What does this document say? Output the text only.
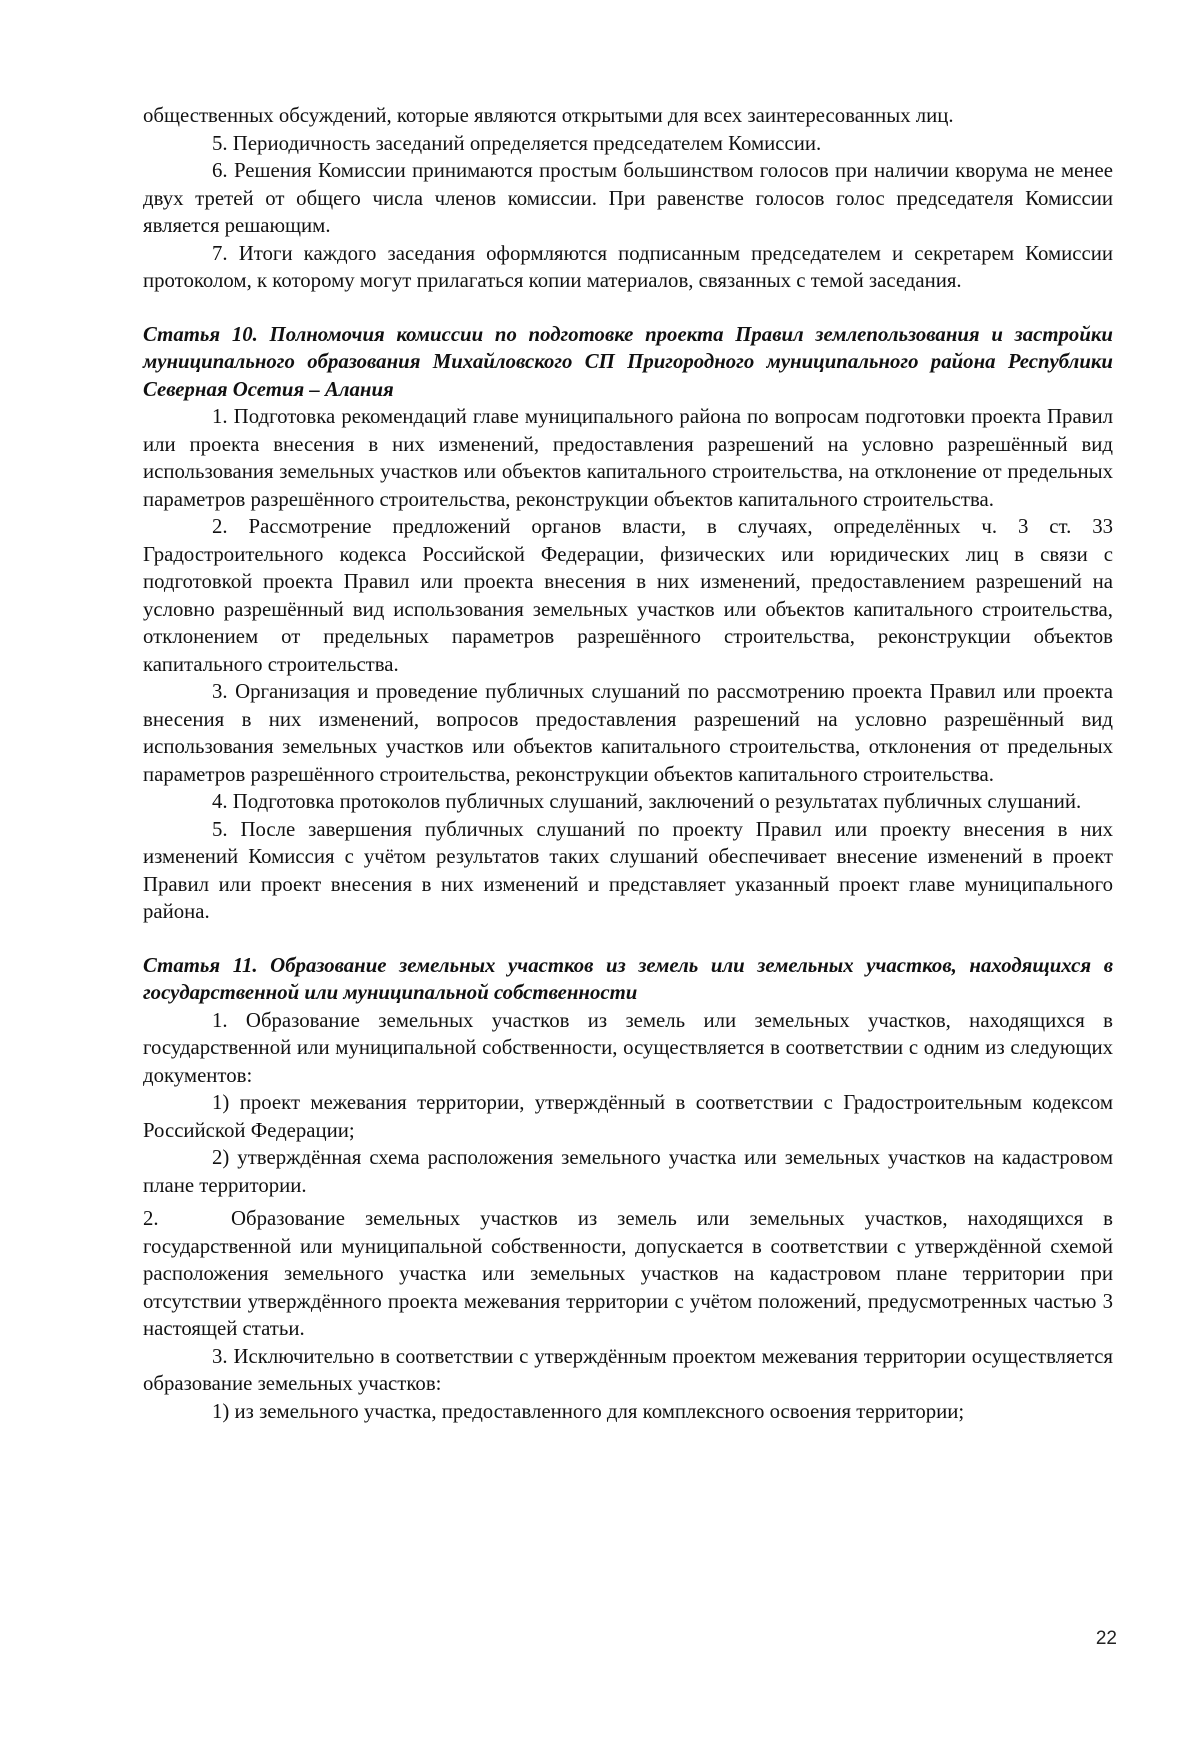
общественных обсуждений, которые являются открытыми для всех заинтересованных лиц.

5. Периодичность заседаний определяется председателем Комиссии.

6. Решения Комиссии принимаются простым большинством голосов при наличии кворума не менее двух третей от общего числа членов комиссии. При равенстве голосов голос председателя Комиссии является решающим.

7. Итоги каждого заседания оформляются подписанным председателем и секретарем Комиссии протоколом, к которому могут прилагаться копии материалов, связанных с темой заседания.

Статья 10. Полномочия комиссии по подготовке проекта Правил землепользования и застройки муниципального образования Михайловского СП Пригородного муниципального района Республики Северная Осетия – Алания

1. Подготовка рекомендаций главе муниципального района по вопросам подготовки проекта Правил или проекта внесения в них изменений, предоставления разрешений на условно разрешённый вид использования земельных участков или объектов капитального строительства, на отклонение от предельных параметров разрешённого строительства, реконструкции объектов капитального строительства.

2. Рассмотрение предложений органов власти, в случаях, определённых ч. 3 ст. 33 Градостроительного кодекса Российской Федерации, физических или юридических лиц в связи с подготовкой проекта Правил или проекта внесения в них изменений, предоставлением разрешений на условно разрешённый вид использования земельных участков или объектов капитального строительства, отклонением от предельных параметров разрешённого строительства, реконструкции объектов капитального строительства.

3. Организация и проведение публичных слушаний по рассмотрению проекта Правил или проекта внесения в них изменений, вопросов предоставления разрешений на условно разрешённый вид использования земельных участков или объектов капитального строительства, отклонения от предельных параметров разрешённого строительства, реконструкции объектов капитального строительства.

4. Подготовка протоколов публичных слушаний, заключений о результатах публичных слушаний.

5. После завершения публичных слушаний по проекту Правил или проекту внесения в них изменений Комиссия с учётом результатов таких слушаний обеспечивает внесение изменений в проект Правил или проект внесения в них изменений и представляет указанный проект главе муниципального района.

Статья 11. Образование земельных участков из земель или земельных участков, находящихся в государственной или муниципальной собственности

1. Образование земельных участков из земель или земельных участков, находящихся в государственной или муниципальной собственности, осуществляется в соответствии с одним из следующих документов:

1) проект межевания территории, утверждённый в соответствии с Градостроительным кодексом Российской Федерации;

2) утверждённая схема расположения земельного участка или земельных участков на кадастровом плане территории.

2.	Образование земельных участков из земель или земельных участков, находящихся в государственной или муниципальной собственности, допускается в соответствии с утверждённой схемой расположения земельного участка или земельных участков на кадастровом плане территории при отсутствии утверждённого проекта межевания территории с учётом положений, предусмотренных частью 3 настоящей статьи.

3. Исключительно в соответствии с утверждённым проектом межевания территории осуществляется образование земельных участков:

1) из земельного участка, предоставленного для комплексного освоения территории;

22
